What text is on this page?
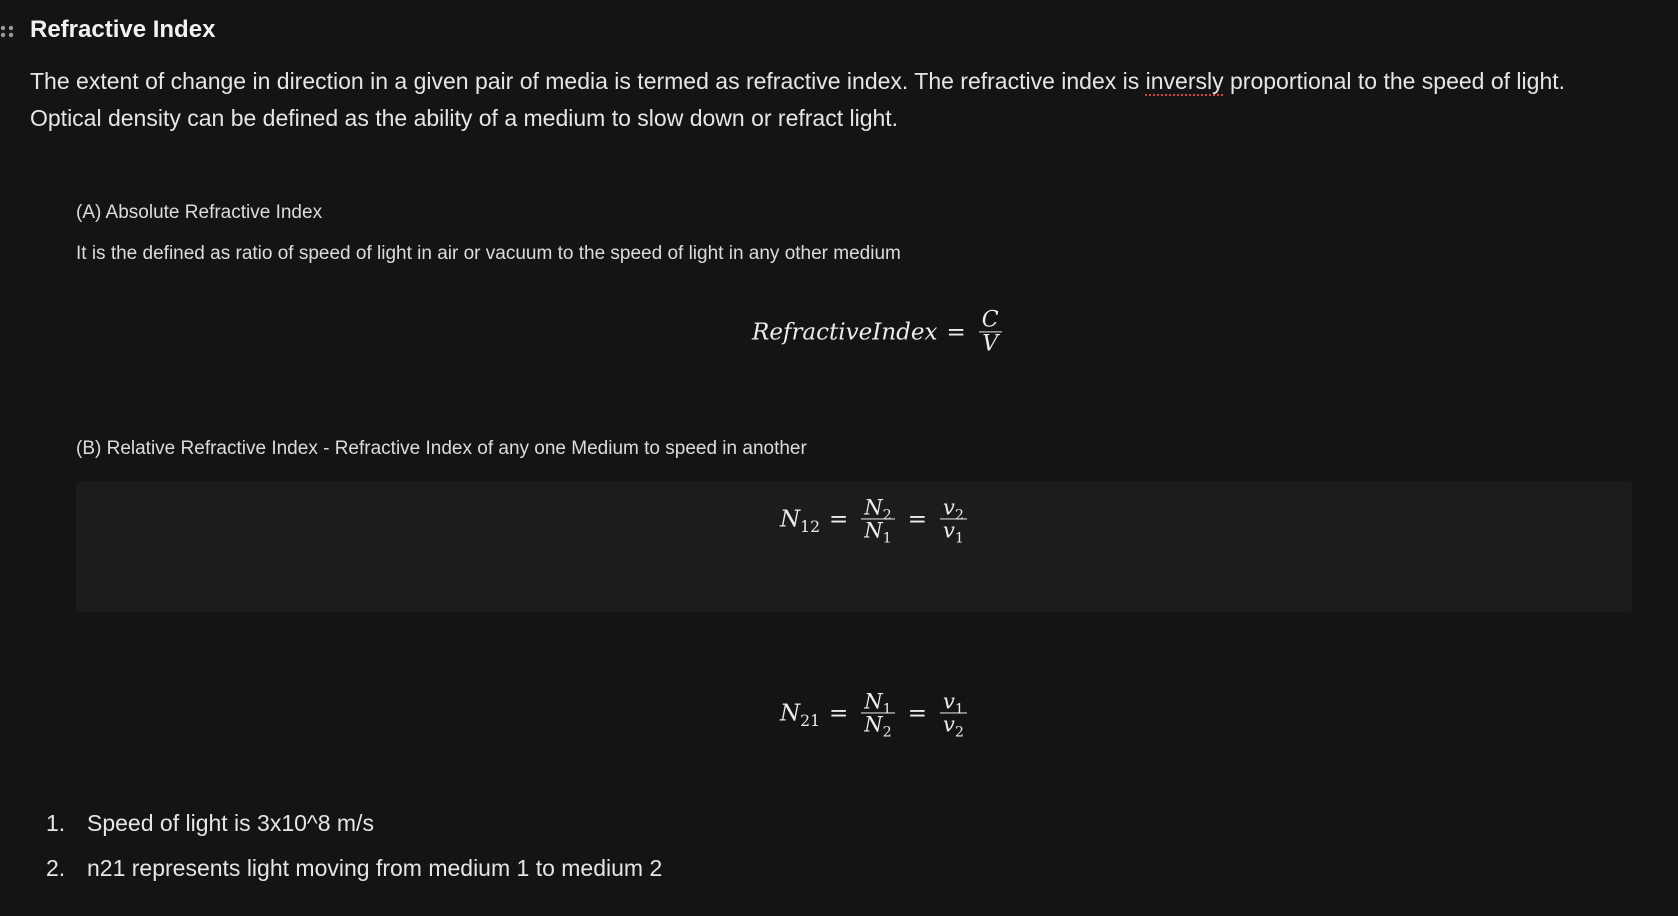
Refractive Index

The extent of change in direction in a given pair of media is termed as refractive index. The refractive index is inversly proportional to the speed of light. Optical density can be defined as the ability of a medium to slow down or refract light.

(A) Absolute Refractive Index

It is the defined as ratio of speed of light in air or vacuum to the speed of light in any other medium

RefractiveIndex = $\frac{C}{V}$

(B) Relative Refractive Index - Refractive Index of any one Medium to speed in another

$N_{12} = \frac{N_2}{N_1} = \frac{v_2}{v_1}$
$N_{21} = \frac{N_1}{N_2} = \frac{v_1}{v_2}$
1. Speed of light is 3x10^8 m/s
2. n21 represents light moving from medium 1 to medium 2
